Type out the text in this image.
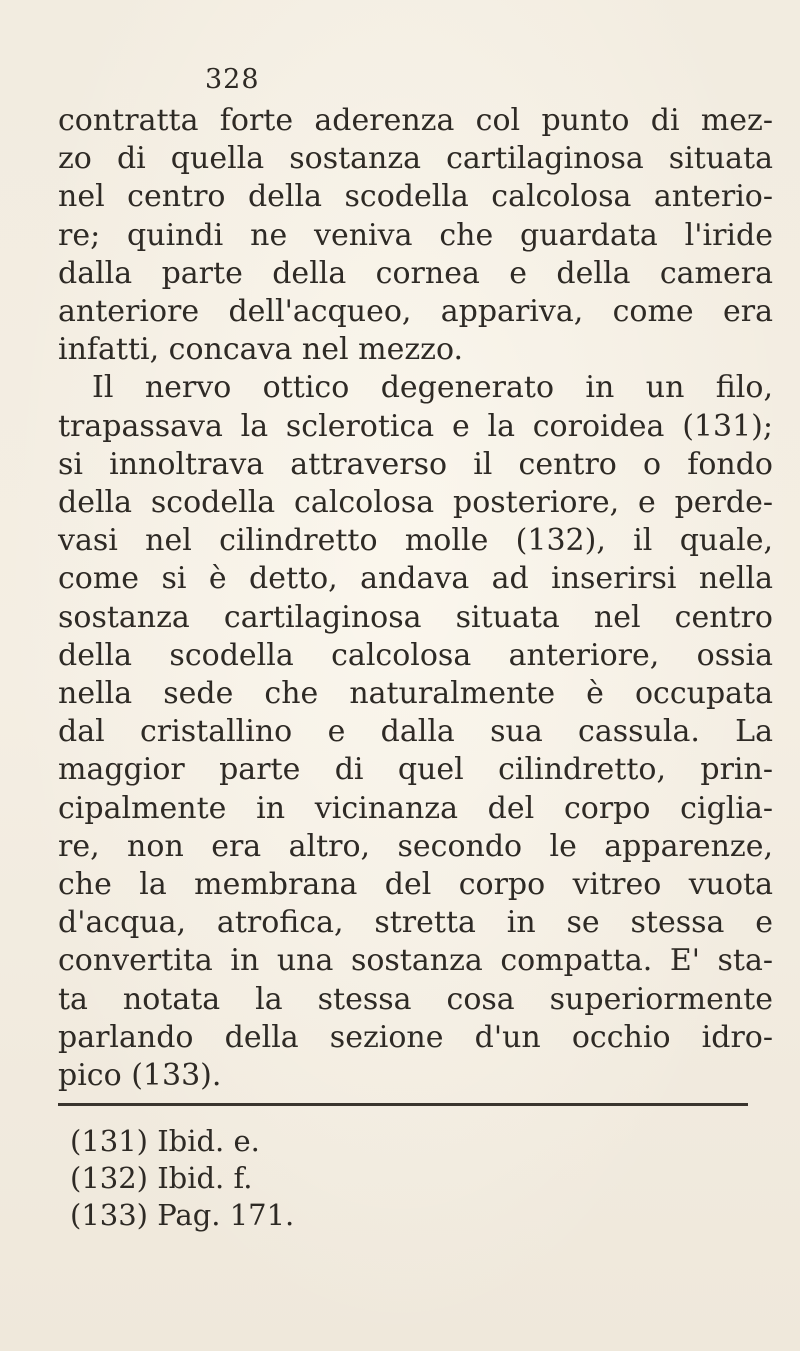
328
contratta forte aderenza col punto di mez-
zo di quella sostanza cartilaginosa situata
nel centro della scodella calcolosa anterio-
re; quindi ne veniva che guardata l'iride
dalla parte della cornea e della camera
anteriore dell'acqueo, appariva, come era
infatti, concava nel mezzo.
Il nervo ottico degenerato in un filo,
trapassava la sclerotica e la coroidea (131);
si innoltrava attraverso il centro o fondo
della scodella calcolosa posteriore, e perde-
vasi nel cilindretto molle (132), il quale,
come si è detto, andava ad inserirsi nella
sostanza cartilaginosa situata nel centro
della scodella calcolosa anteriore, ossia
nella sede che naturalmente è occupata
dal cristallino e dalla sua cassula. La
maggior parte di quel cilindretto, prin-
cipalmente in vicinanza del corpo ciglia-
re, non era altro, secondo le apparenze,
che la membrana del corpo vitreo vuota
d'acqua, atrofica, stretta in se stessa e
convertita in una sostanza compatta. E' sta-
ta notata la stessa cosa superiormente
parlando della sezione d'un occhio idro-
pico (133).
(131) Ibid. e.
(132) Ibid. f.
(133) Pag. 171.
